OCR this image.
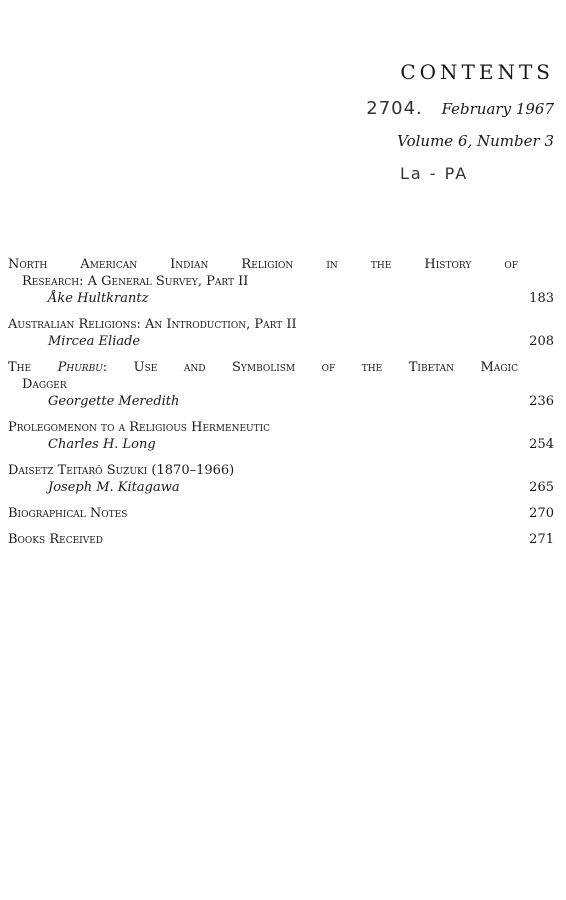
CONTENTS
2704. February 1967
Volume 6, Number 3
La - PA
North American Indian Religion in the History of
Research: A General Survey, Part II
Åke Hultkrantz	183
Australian Religions: An Introduction, Part II
Mircea Eliade	208
The Phurbu: Use and Symbolism of the Tibetan Magic
Dagger
Georgette Meredith	236
Prolegomenon to a Religious Hermeneutic
Charles H. Long	254
Daisetz Teitarō Suzuki (1870–1966)
Joseph M. Kitagawa	265
Biographical Notes	270
Books Received	271
